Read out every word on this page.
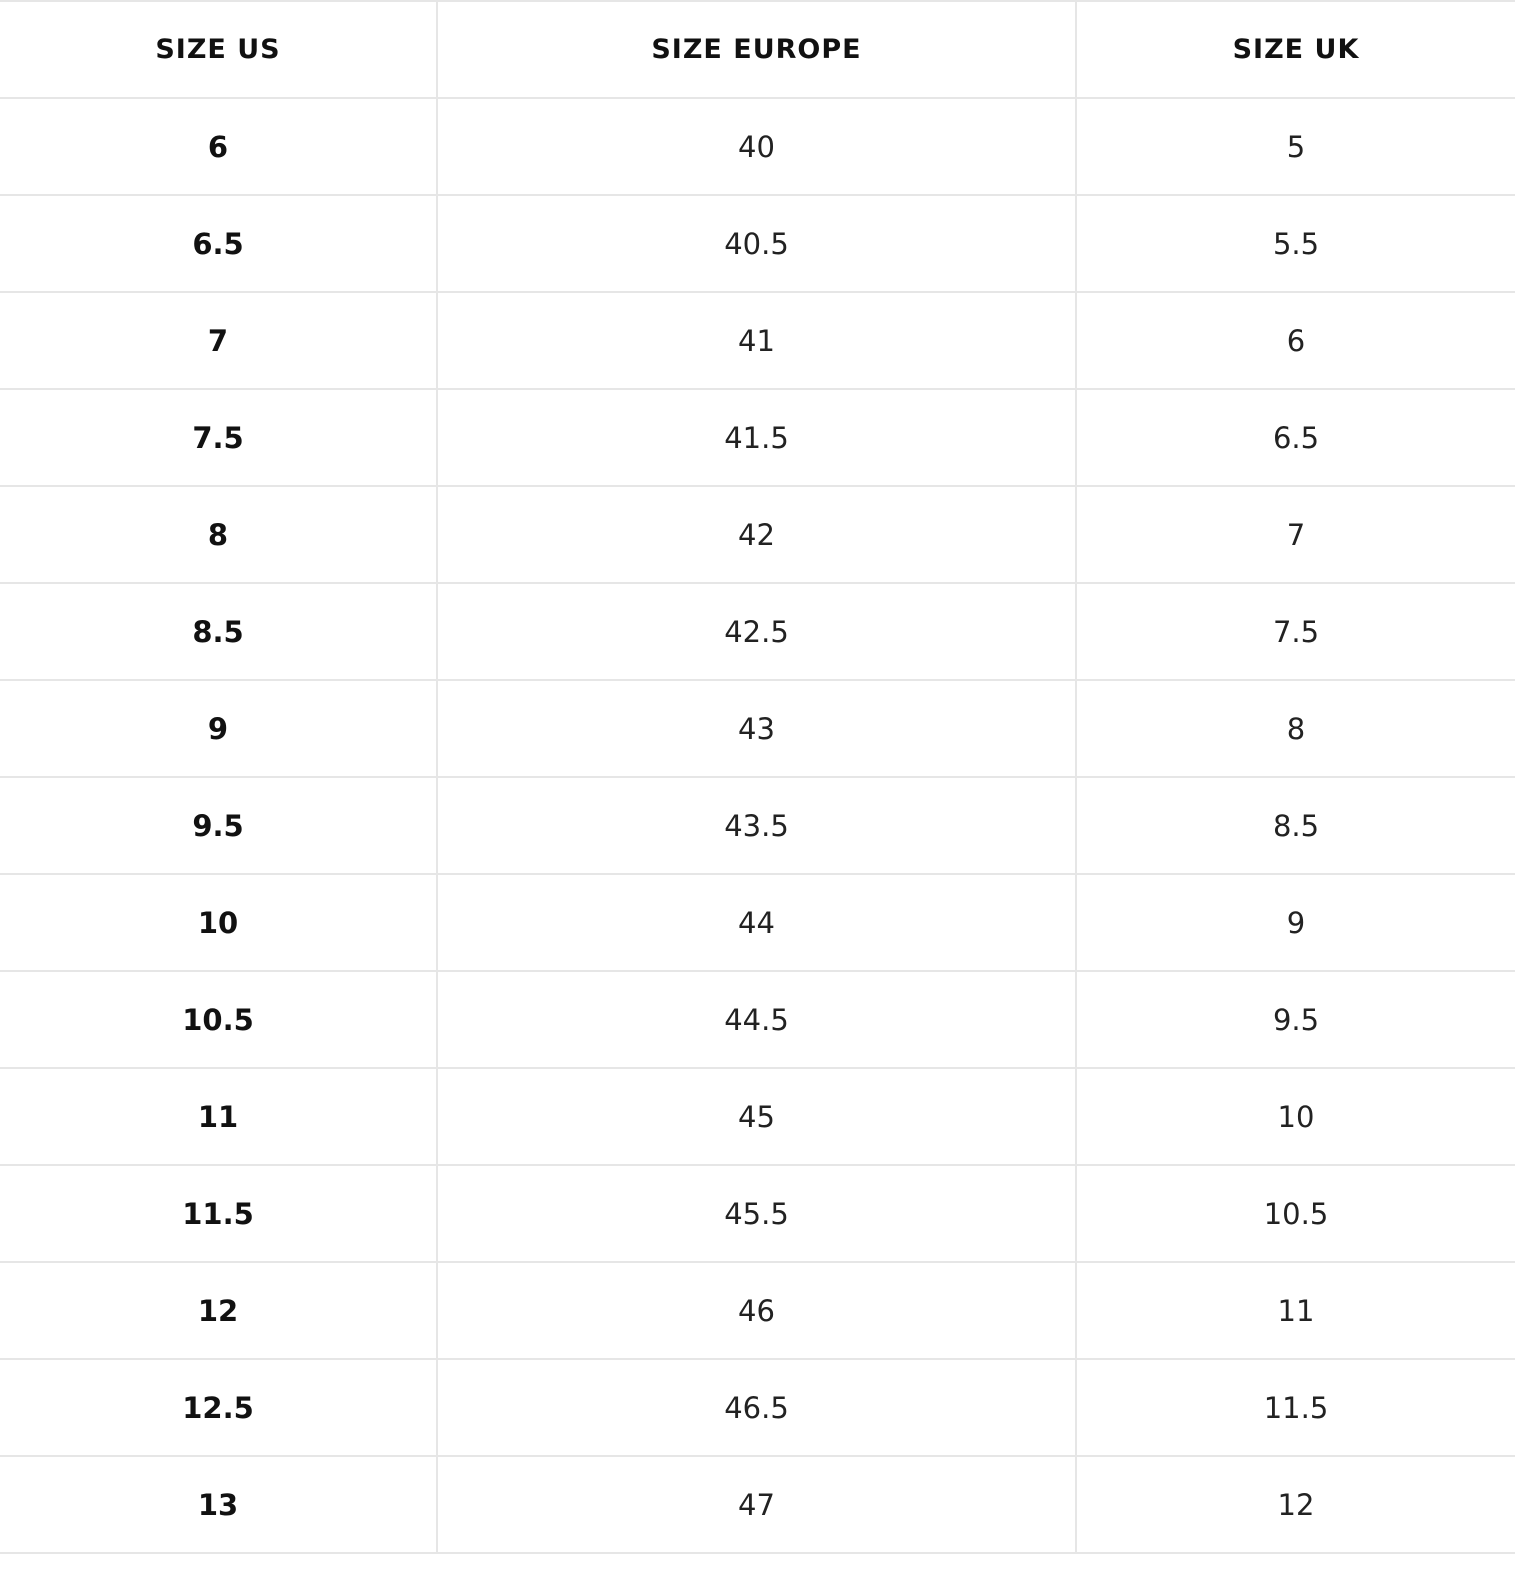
SIZE US	SIZE EUROPE	SIZE UK
6	40	5
6.5	40.5	5.5
7	41	6
7.5	41.5	6.5
8	42	7
8.5	42.5	7.5
9	43	8
9.5	43.5	8.5
10	44	9
10.5	44.5	9.5
11	45	10
11.5	45.5	10.5
12	46	11
12.5	46.5	11.5
13	47	12
